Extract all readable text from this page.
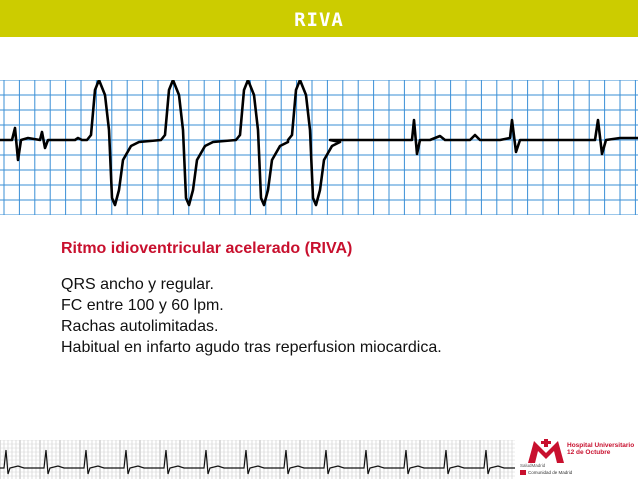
RIVA
Ritmo idioventricular acelerado (RIVA)
QRS ancho y regular.
FC entre 100 y 60 lpm.
Rachas autolimitadas.
Habitual en infarto agudo tras reperfusion miocardica.
Hospital Universitario
12 de Octubre
SaludMadrid
Comunidad de Madrid
